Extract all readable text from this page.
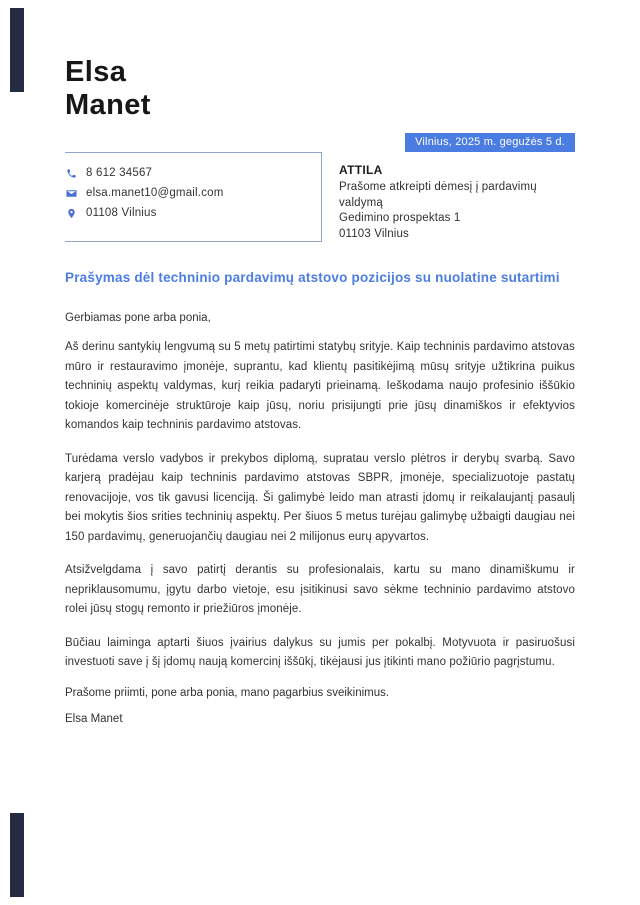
Elsa
Manet
Vilnius, 2025 m. gegužės 5 d.
8 612 34567
elsa.manet10@gmail.com
01108 Vilnius
ATTILA
Prašome atkreipti dėmesį į pardavimų valdymą
Gedimino prospektas 1
01103 Vilnius
Prašymas dėl techninio pardavimų atstovo pozicijos su nuolatine sutartimi

Gerbiamas pone arba ponia,

Aš derinu santykių lengvumą su 5 metų patirtimi statybų srityje. Kaip techninis pardavimo atstovas mūro ir restauravimo įmonėje, suprantu, kad klientų pasitikėjimą mūsų srityje užtikrina puikus techninių aspektų valdymas, kurį reikia padaryti prieinamą. Ieškodama naujo profesinio iššūkio tokioje komercinėje struktūroje kaip jūsų, noriu prisijungti prie jūsų dinamiškos ir efektyvios komandos kaip techninis pardavimo atstovas.

Turėdama verslo vadybos ir prekybos diplomą, supratau verslo plėtros ir derybų svarbą. Savo karjerą pradėjau kaip techninis pardavimo atstovas SBPR, įmonėje, specializuotoje pastatų renovacijoje, vos tik gavusi licenciją. Ši galimybė leido man atrasti įdomų ir reikalaujantį pasaulį bei mokytis šios srities techninių aspektų. Per šiuos 5 metus turėjau galimybę užbaigti daugiau nei 150 pardavimų, generuojančių daugiau nei 2 milijonus eurų apyvartos.

Atsižvelgdama į savo patirtį derantis su profesionalais, kartu su mano dinamiškumu ir nepriklausomumu, įgytu darbo vietoje, esu įsitikinusi savo sėkme techninio pardavimo atstovo rolei jūsų stogų remonto ir priežiūros įmonėje.

Būčiau laiminga aptarti šiuos įvairius dalykus su jumis per pokalbį. Motyvuota ir pasiruošusi investuoti save į šį įdomų naują komercinį iššūkį, tikėjausi jus įtikinti mano požiūrio pagrįstumu.

Prašome priimti, pone arba ponia, mano pagarbius sveikinimus.

Elsa Manet
